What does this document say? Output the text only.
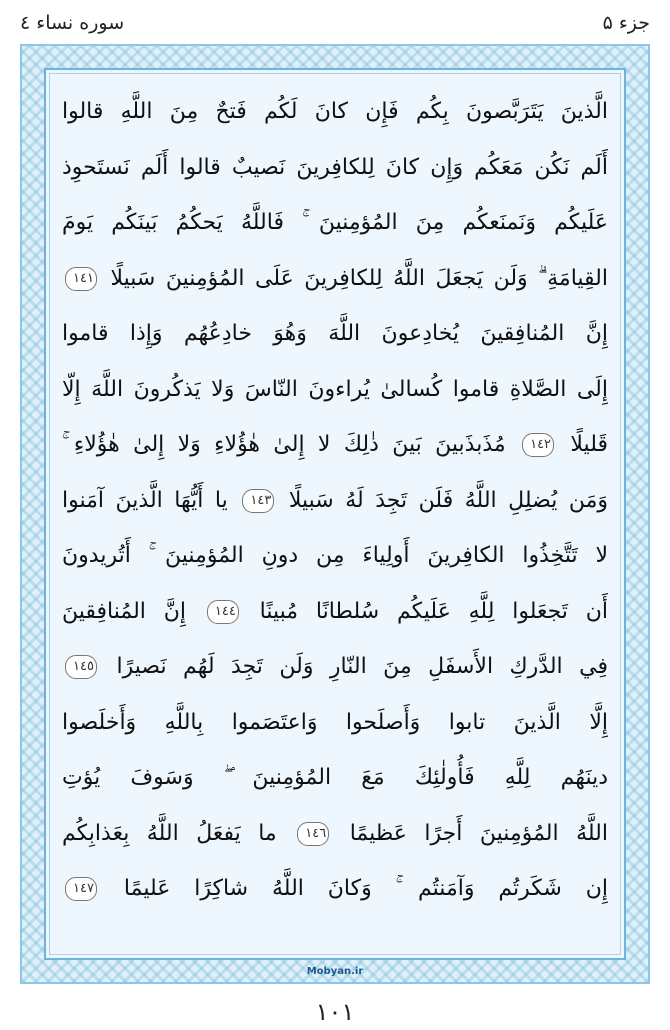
جزء ۵
سوره نساء ٤
الَّذينَ يَتَرَبَّصونَ بِكُم فَإِن كانَ لَكُم فَتحٌ مِنَ اللَّهِ قالوا
أَلَم نَكُن مَعَكُم وَإِن كانَ لِلكافِرينَ نَصيبٌ قالوا أَلَم نَستَحوِذ
عَلَيكُم وَنَمنَعكُم مِنَ المُؤمِنينَ ۚ فَاللَّهُ يَحكُمُ بَينَكُم يَومَ
القِيامَةِ ۗ وَلَن يَجعَلَ اللَّهُ لِلكافِرينَ عَلَى المُؤمِنينَ سَبيلًا ١٤١
إِنَّ المُنافِقينَ يُخادِعونَ اللَّهَ وَهُوَ خادِعُهُم وَإِذا قاموا
إِلَى الصَّلاةِ قاموا كُسالىٰ يُراءونَ النّاسَ وَلا يَذكُرونَ اللَّهَ إِلّا
قَليلًا ١٤٢ مُذَبذَبينَ بَينَ ذٰلِكَ لا إِلىٰ هٰؤُلاءِ وَلا إِلىٰ هٰؤُلاءِ ۚ
وَمَن يُضلِلِ اللَّهُ فَلَن تَجِدَ لَهُ سَبيلًا ١٤٣ يا أَيُّهَا الَّذينَ آمَنوا
لا تَتَّخِذُوا الكافِرينَ أَولِياءَ مِن دونِ المُؤمِنينَ ۚ أَتُريدونَ
أَن تَجعَلوا لِلَّهِ عَلَيكُم سُلطانًا مُبينًا ١٤٤ إِنَّ المُنافِقينَ
فِي الدَّركِ الأَسفَلِ مِنَ النّارِ وَلَن تَجِدَ لَهُم نَصيرًا ١٤٥
إِلَّا الَّذينَ تابوا وَأَصلَحوا وَاعتَصَموا بِاللَّهِ وَأَخلَصوا
دينَهُم لِلَّهِ فَأُولٰئِكَ مَعَ المُؤمِنينَ ۖ وَسَوفَ يُؤتِ
اللَّهُ المُؤمِنينَ أَجرًا عَظيمًا ١٤٦ ما يَفعَلُ اللَّهُ بِعَذابِكُم
إِن شَكَرتُم وَآمَنتُم ۚ وَكانَ اللَّهُ شاكِرًا عَليمًا ١٤٧
Mobyan.ir
١٠١
